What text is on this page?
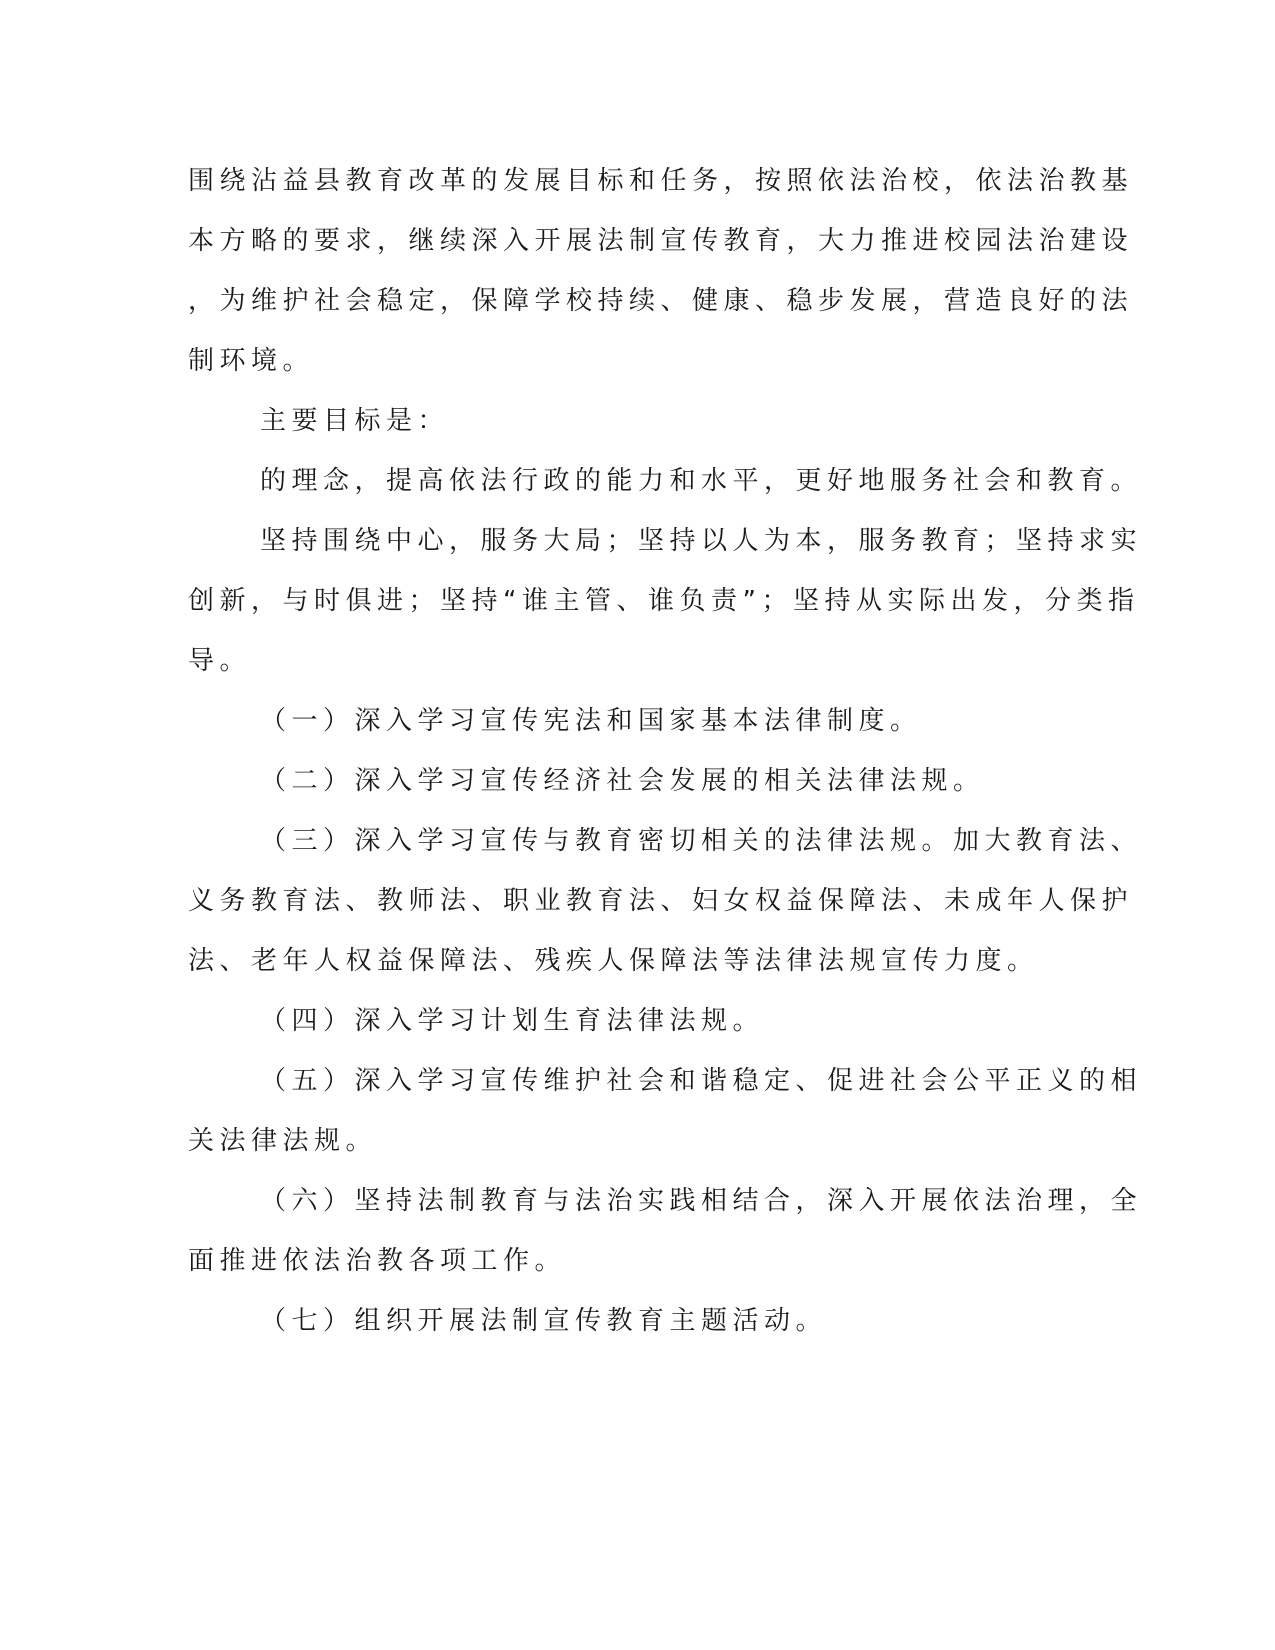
围绕沾益县教育改革的发展目标和任务，按照依法治校，依法治教基
本方略的要求，继续深入开展法制宣传教育，大力推进校园法治建设
，为维护社会稳定，保障学校持续、健康、稳步发展，营造良好的法
制环境。
主要目标是：
的理念，提高依法行政的能力和水平，更好地服务社会和教育。
坚持围绕中心，服务大局；坚持以人为本，服务教育；坚持求实
创新，与时俱进；坚持“谁主管、谁负责”；坚持从实际出发，分类指
导。
（一）深入学习宣传宪法和国家基本法律制度。
（二）深入学习宣传经济社会发展的相关法律法规。
（三）深入学习宣传与教育密切相关的法律法规。加大教育法、
义务教育法、教师法、职业教育法、妇女权益保障法、未成年人保护
法、老年人权益保障法、残疾人保障法等法律法规宣传力度。
（四）深入学习计划生育法律法规。
（五）深入学习宣传维护社会和谐稳定、促进社会公平正义的相
关法律法规。
（六）坚持法制教育与法治实践相结合，深入开展依法治理，全
面推进依法治教各项工作。
（七）组织开展法制宣传教育主题活动。
